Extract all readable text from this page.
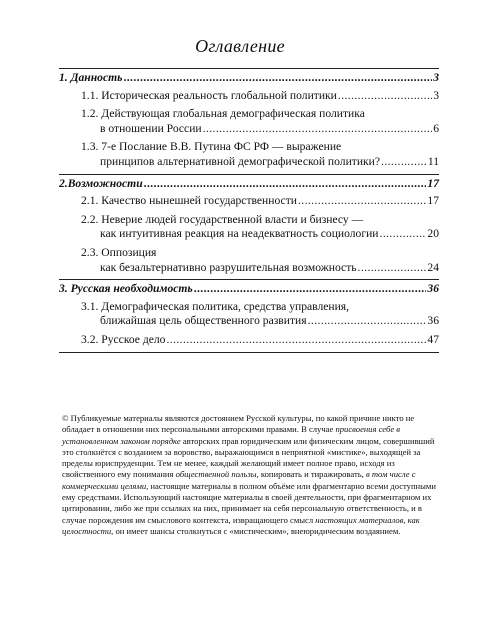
Оглавление
1. Данность .....	3
1.1. Историческая реальность глобальной политики .....	3
1.2. Действующая глобальная демографическая политика
в отношении России .....	6
1.3. 7-е Послание В.В. Путина ФС РФ — выражение
принципов альтернативной демографической политики? .....	11
2.Возможности .....	17
2.1. Качество нынешней государственности .....	17
2.2. Неверие людей государственной власти и бизнесу —
как интуитивная реакция на неадекватность социологии .....	20
2.3. Оппозиция
как безальтернативно разрушительная возможность .....	24
3. Русская необходимость .....	36
3.1. Демографическая политика, средства управления,
ближайшая цель общественного развития .....	36
3.2. Русское дело .....	47

© Публикуемые материалы являются достоянием Русской культуры, по какой причине никто не обладает в отношении них персональными авторскими правами. В случае присвоения себе в установленном законом порядке авторских прав юридическим или физическим лицом, совершивший это столкнётся с возданием за воровство, выражающимся в неприятной «мистике», выходящей за пределы юриспруденции. Тем не менее, каждый желающий имеет полное право, исходя из свойственного ему понимания общественной пользы, копировать и тиражировать, в том числе с коммерческими целями, настоящие материалы в полном объёме или фрагментарно всеми доступными ему средствами. Использующий настоящие материалы в своей деятельности, при фрагментарном их цитировании, либо же при ссылках на них, принимает на себя персональную ответственность, и в случае порождения им смыслового контекста, извращающего смысл настоящих материалов, как целостности, он имеет шансы столкнуться с «мистическим», внеюридическим воздаянием.
